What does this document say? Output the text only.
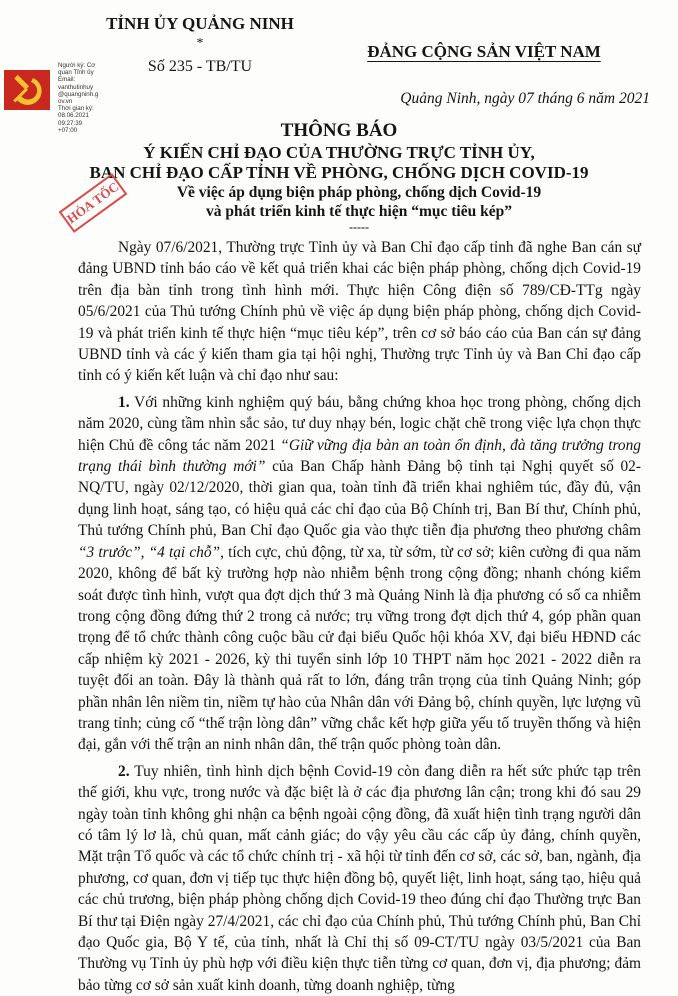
TỈNH ỦY QUẢNG NINH
*
Số 235 - TB/TU
ĐẢNG CỘNG SẢN VIỆT NAM
Quảng Ninh, ngày 07 tháng 6 năm 2021
Người ký: Cơ
quan Tỉnh ủy
Email:
vanthutinhuy
@quangninh.g
ov.vn
Thời gian ký:
08.06.2021
09:27:39
+07:00	THÔNG BÁO
Ý KIẾN CHỈ ĐẠO CỦA THƯỜNG TRỰC TỈNH ỦY,
BAN CHỈ ĐẠO CẤP TỈNH VỀ PHÒNG, CHỐNG DỊCH COVID-19
Về việc áp dụng biện pháp phòng, chống dịch Covid-19
và phát triển kinh tế thực hiện “mục tiêu kép”
-----
HỎA TỐC

Ngày 07/6/2021, Thường trực Tỉnh ủy và Ban Chỉ đạo cấp tỉnh đã nghe Ban cán sự đảng UBND tỉnh báo cáo về kết quả triển khai các biện pháp phòng, chống dịch Covid-19 trên địa bàn tỉnh trong tình hình mới. Thực hiện Công điện số 789/CĐ-TTg ngày 05/6/2021 của Thủ tướng Chính phủ về việc áp dụng biện pháp phòng, chống dịch Covid-19 và phát triển kinh tế thực hiện “mục tiêu kép”, trên cơ sở báo cáo của Ban cán sự đảng UBND tỉnh và các ý kiến tham gia tại hội nghị, Thường trực Tỉnh ủy và Ban Chỉ đạo cấp tỉnh có ý kiến kết luận và chỉ đạo như sau:

1. Với những kinh nghiệm quý báu, bằng chứng khoa học trong phòng, chống dịch năm 2020, cùng tầm nhìn sắc sảo, tư duy nhạy bén, logic chặt chẽ trong việc lựa chọn thực hiện Chủ đề công tác năm 2021 “Giữ vững địa bàn an toàn ổn định, đà tăng trưởng trong trạng thái bình thường mới” của Ban Chấp hành Đảng bộ tỉnh tại Nghị quyết số 02-NQ/TU, ngày 02/12/2020, thời gian qua, toàn tỉnh đã triển khai nghiêm túc, đầy đủ, vận dụng linh hoạt, sáng tạo, có hiệu quả các chỉ đạo của Bộ Chính trị, Ban Bí thư, Chính phủ, Thủ tướng Chính phủ, Ban Chỉ đạo Quốc gia vào thực tiễn địa phương theo phương châm “3 trước”, “4 tại chỗ”, tích cực, chủ động, từ xa, từ sớm, từ cơ sở; kiên cường đi qua năm 2020, không để bất kỳ trường hợp nào nhiễm bệnh trong cộng đồng; nhanh chóng kiểm soát được tình hình, vượt qua đợt dịch thứ 3 mà Quảng Ninh là địa phương có số ca nhiễm trong cộng đồng đứng thứ 2 trong cả nước; trụ vững trong đợt dịch thứ 4, góp phần quan trọng để tổ chức thành công cuộc bầu cử đại biểu Quốc hội khóa XV, đại biểu HĐND các cấp nhiệm kỳ 2021 - 2026, kỳ thi tuyển sinh lớp 10 THPT năm học 2021 - 2022 diễn ra tuyệt đối an toàn. Đây là thành quả rất to lớn, đáng trân trọng của tỉnh Quảng Ninh; góp phần nhân lên niềm tin, niềm tự hào của Nhân dân với Đảng bộ, chính quyền, lực lượng vũ trang tỉnh; củng cố “thế trận lòng dân” vững chắc kết hợp giữa yếu tố truyền thống và hiện đại, gắn với thế trận an ninh nhân dân, thế trận quốc phòng toàn dân.

2. Tuy nhiên, tình hình dịch bệnh Covid-19 còn đang diễn ra hết sức phức tạp trên thế giới, khu vực, trong nước và đặc biệt là ở các địa phương lân cận; trong khi đó sau 29 ngày toàn tỉnh không ghi nhận ca bệnh ngoài cộng đồng, đã xuất hiện tình trạng người dân có tâm lý lơ là, chủ quan, mất cảnh giác; do vậy yêu cầu các cấp ủy đảng, chính quyền, Mặt trận Tổ quốc và các tổ chức chính trị - xã hội từ tỉnh đến cơ sở, các sở, ban, ngành, địa phương, cơ quan, đơn vị tiếp tục thực hiện đồng bộ, quyết liệt, linh hoạt, sáng tạo, hiệu quả các chủ trương, biện pháp phòng chống dịch Covid-19 theo đúng chỉ đạo Thường trực Ban Bí thư tại Điện ngày 27/4/2021, các chỉ đạo của Chính phủ, Thủ tướng Chính phủ, Ban Chỉ đạo Quốc gia, Bộ Y tế, của tỉnh, nhất là Chỉ thị số 09-CT/TU ngày 03/5/2021 của Ban Thường vụ Tỉnh ủy phù hợp với điều kiện thực tiễn từng cơ quan, đơn vị, địa phương; đảm bảo từng cơ sở sản xuất kinh doanh, từng doanh nghiệp, từng
